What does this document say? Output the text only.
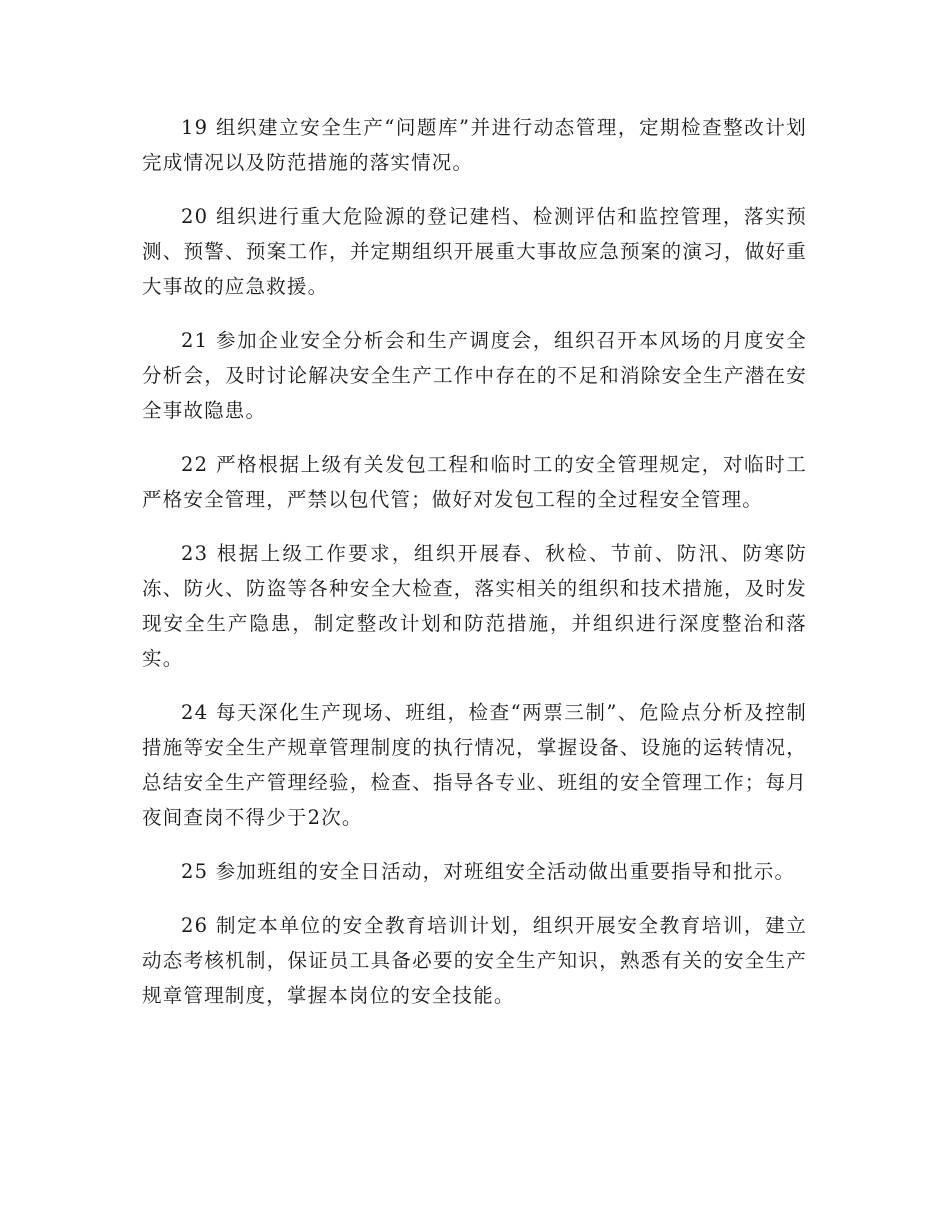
19 组织建立安全生产“问题库”并进行动态管理，定期检查整改计划完成情况以及防范措施的落实情况。

20 组织进行重大危险源的登记建档、检测评估和监控管理，落实预测、预警、预案工作，并定期组织开展重大事故应急预案的演习，做好重大事故的应急救援。

21 参加企业安全分析会和生产调度会，组织召开本风场的月度安全分析会，及时讨论解决安全生产工作中存在的不足和消除安全生产潜在安全事故隐患。

22 严格根据上级有关发包工程和临时工的安全管理规定，对临时工严格安全管理，严禁以包代管；做好对发包工程的全过程安全管理。

23 根据上级工作要求，组织开展春、秋检、节前、防汛、防寒防冻、防火、防盗等各种安全大检查，落实相关的组织和技术措施，及时发现安全生产隐患，制定整改计划和防范措施，并组织进行深度整治和落实。

24 每天深化生产现场、班组，检查“两票三制”、危险点分析及控制措施等安全生产规章管理制度的执行情况，掌握设备、设施的运转情况，总结安全生产管理经验，检查、指导各专业、班组的安全管理工作；每月夜间查岗不得少于2次。

25 参加班组的安全日活动，对班组安全活动做出重要指导和批示。

26 制定本单位的安全教育培训计划，组织开展安全教育培训，建立动态考核机制，保证员工具备必要的安全生产知识，熟悉有关的安全生产规章管理制度，掌握本岗位的安全技能。
